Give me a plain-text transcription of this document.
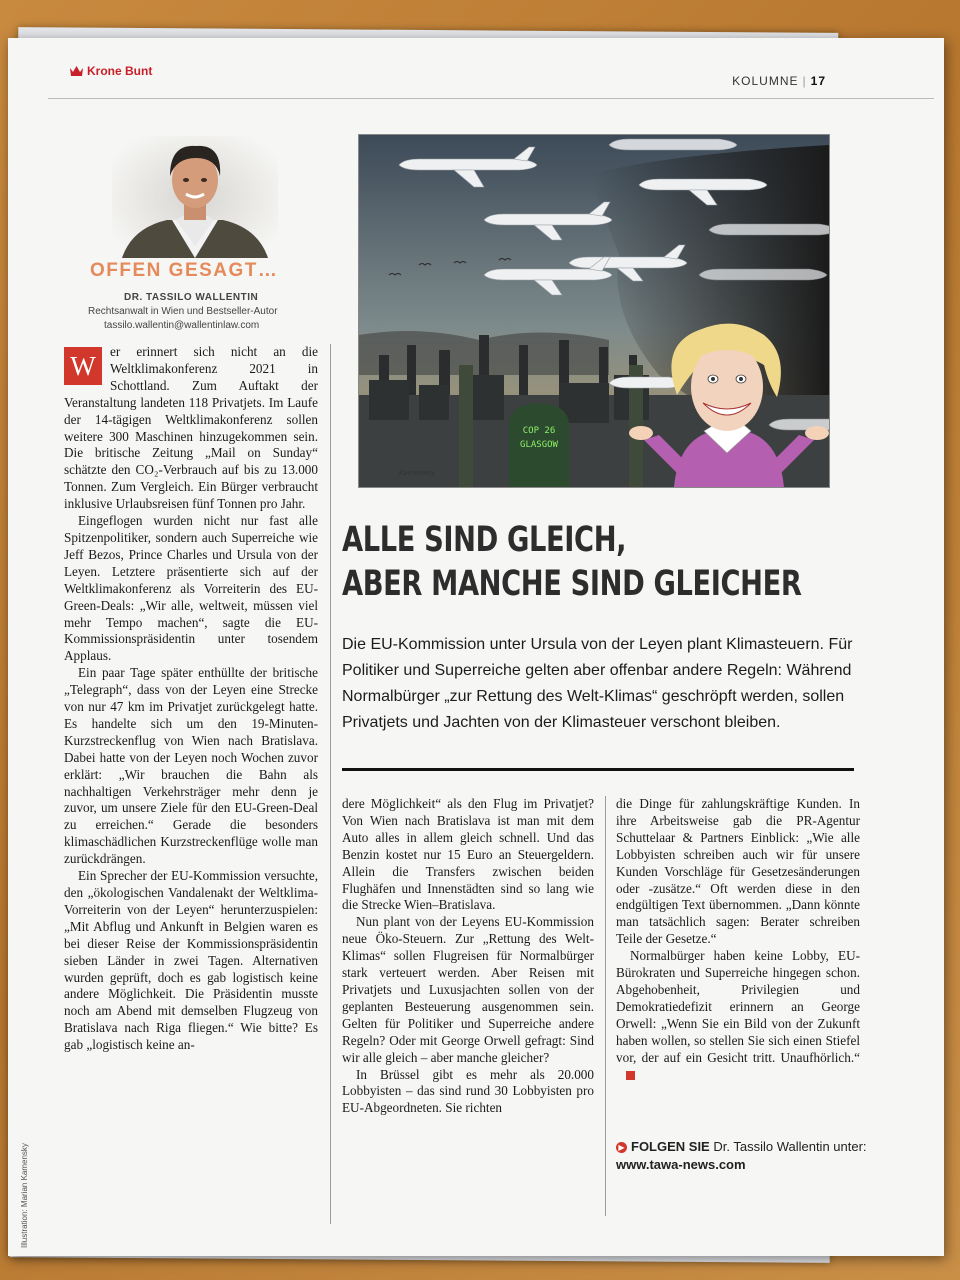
Krone Bunt
KOLUMNE | 17
OFFEN GESAGT…
DR. TASSILO WALLENTIN
Rechtsanwalt in Wien und Bestseller-Autor
tassilo.wallentin@wallentinlaw.com

W	er erinnert sich nicht an die Weltklimakonferenz 2021 in Schottland. Zum Auftakt der Veranstaltung landeten 118 Privatjets. Im Laufe der 14-tägigen Weltklimakonferenz sollen weitere 300 Maschinen hinzugekommen sein. Die britische Zeitung „Mail on Sunday“ schätzte den CO₂-Verbrauch auf bis zu 13.000 Tonnen. Zum Vergleich. Ein Bürger verbraucht inklusive Urlaubsreisen fünf Tonnen pro Jahr.

Eingeflogen wurden nicht nur fast alle Spitzenpolitiker, sondern auch Superreiche wie Jeff Bezos, Prince Charles und Ursula von der Leyen. Letztere präsentierte sich auf der Weltklimakonferenz als Vorreiterin des EU-Green-Deals: „Wir alle, weltweit, müssen viel mehr Tempo machen“, sagte die EU-Kommissionspräsidentin unter tosendem Applaus.

Ein paar Tage später enthüllte der britische „Telegraph“, dass von der Leyen eine Strecke von nur 47 km im Privatjet zurückgelegt hatte. Es handelte sich um den 19-Minuten-Kurzstreckenflug von Wien nach Bratislava. Dabei hatte von der Leyen noch Wochen zuvor erklärt: „Wir brauchen die Bahn als nachhaltigen Verkehrsträger mehr denn je zuvor, um unsere Ziele für den EU-Green-Deal zu erreichen.“ Gerade die besonders klimaschädlichen Kurzstreckenflüge wolle man zurückdrängen.

Ein Sprecher der EU-Kommission versuchte, den „ökologischen Vandalenakt der Weltklima-Vorreiterin von der Leyen“ herunterzuspielen: „Mit Abflug und Ankunft in Belgien waren es bei dieser Reise der Kommissionspräsidentin sieben Länder in zwei Tagen. Alternativen wurden geprüft, doch es gab logistisch keine andere Möglichkeit. Die Präsidentin musste noch am Abend mit demselben Flugzeug von Bratislava nach Riga fliegen.“ Wie bitte? Es gab „logistisch keine an-

Illustration: Marian Kamensky
COP 26
GLASGOW
Kamensky
ALLE SIND GLEICH,
ABER MANCHE SIND GLEICHER
Die EU-Kommission unter Ursula von der Leyen plant Klimasteuern. Für Politiker und Superreiche gelten aber offenbar andere Regeln: Während Normalbürger „zur Rettung des Welt-Klimas“ geschröpft werden, sollen Privatjets und Jachten von der Klimasteuer verschont bleiben.

dere Möglichkeit“ als den Flug im Privatjet? Von Wien nach Bratislava ist man mit dem Auto alles in allem gleich schnell. Und das Benzin kostet nur 15 Euro an Steuergeldern. Allein die Transfers zwischen beiden Flughäfen und Innenstädten sind so lang wie die Strecke Wien–Bratislava.

Nun plant von der Leyens EU-Kommission neue Öko-Steuern. Zur „Rettung des Welt-Klimas“ sollen Flugreisen für Normalbürger stark verteuert werden. Aber Reisen mit Privatjets und Luxusjachten sollen von der geplanten Besteuerung ausgenommen sein. Gelten für Politiker und Superreiche andere Regeln? Oder mit George Orwell gefragt: Sind wir alle gleich – aber manche gleicher?

In Brüssel gibt es mehr als 20.000 Lobbyisten – das sind rund 30 Lobbyisten pro EU-Abgeordneten. Sie richten

die Dinge für zahlungskräftige Kunden. In ihre Arbeitsweise gab die PR-Agentur Schuttelaar & Partners Einblick: „Wie alle Lobbyisten schreiben auch wir für unsere Kunden Vorschläge für Gesetzesänderungen oder -zusätze.“ Oft werden diese in den endgültigen Text übernommen. „Dann könnte man tatsächlich sagen: Berater schreiben Teile der Gesetze.“

Normalbürger haben keine Lobby, EU-Bürokraten und Superreiche hingegen schon. Abgehobenheit, Privilegien und Demokratiedefizit erinnern an George Orwell: „Wenn Sie ein Bild von der Zukunft haben wollen, so stellen Sie sich einen Stiefel vor, der auf ein Gesicht tritt. Unaufhörlich.“

▶ FOLGEN SIE Dr. Tassilo Wallentin unter: www.tawa-news.com
